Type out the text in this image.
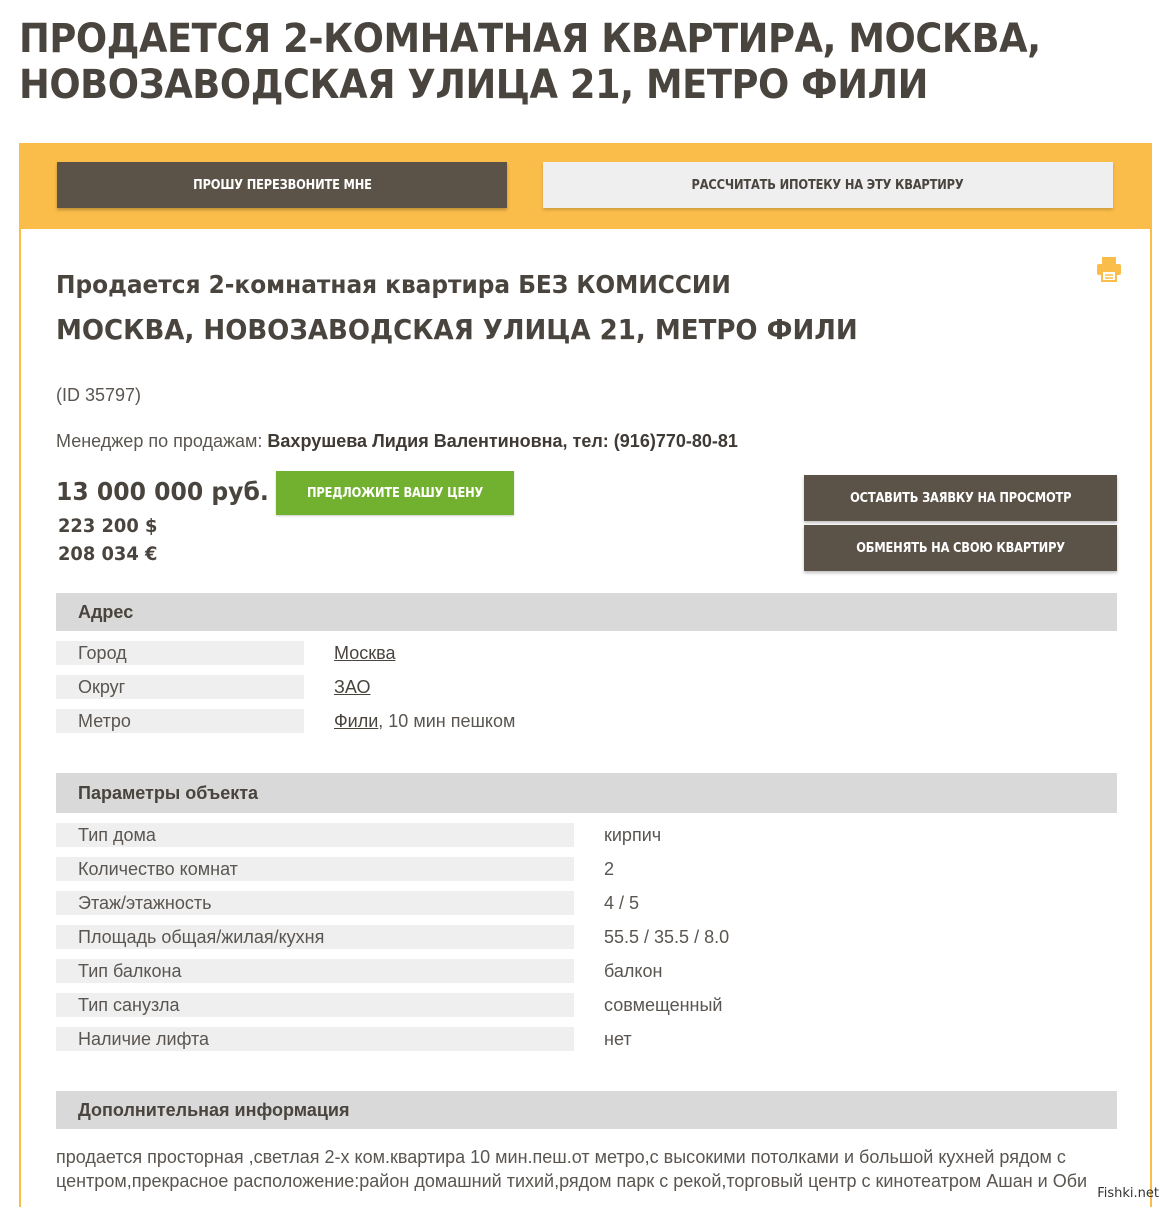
ПРОДАЕТСЯ 2-КОМНАТНАЯ КВАРТИРА, МОСКВА,
НОВОЗАВОДСКАЯ УЛИЦА 21, МЕТРО ФИЛИ
ПРОШУ ПЕРЕЗВОНИТЕ МНЕ	РАССЧИТАТЬ ИПОТЕКУ НА ЭТУ КВАРТИРУ
Продается 2-комнатная квартира БЕЗ КОМИССИИ
МОСКВА, НОВОЗАВОДСКАЯ УЛИЦА 21, МЕТРО ФИЛИ
(ID 35797)
Менеджер по продажам: Вахрушева Лидия Валентиновна, тел: (916)770-80-81
13 000 000 руб.
223 200 $
208 034 €
ПРЕДЛОЖИТЕ ВАШУ ЦЕНУ	ОСТАВИТЬ ЗАЯВКУ НА ПРОСМОТР
ОБМЕНЯТЬ НА СВОЮ КВАРТИРУ
Адрес
Город	Москва
Округ	ЗАО
Метро	Фили, 10 мин пешком
Параметры объекта
Тип дома	кирпич
Количество комнат	2
Этаж/этажность	4 / 5
Площадь общая/жилая/кухня	55.5 / 35.5 / 8.0
Тип балкона	балкон
Тип санузла	совмещенный
Наличие лифта	нет
Дополнительная информация
продается просторная ,светлая 2-х ком.квартира 10 мин.пеш.от метро,с высокими потолками и большой кухней рядом с центром,прекрасное расположение:район домашний тихий,рядом парк с рекой,торговый центр с кинотеатром Ашан и Оби
Fishki.net
